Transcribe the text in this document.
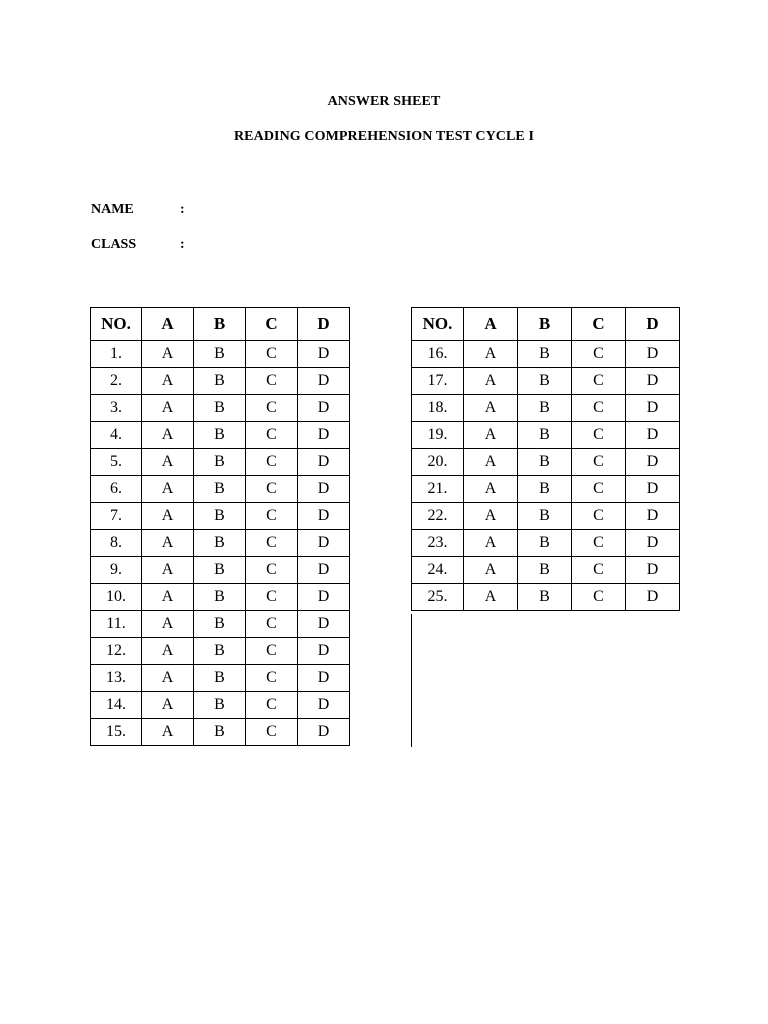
ANSWER SHEET
READING COMPREHENSION TEST CYCLE I
NAME	:
CLASS	:
NO.	A	B	C	D
1.	A	B	C	D
2.	A	B	C	D
3.	A	B	C	D
4.	A	B	C	D
5.	A	B	C	D
6.	A	B	C	D
7.	A	B	C	D
8.	A	B	C	D
9.	A	B	C	D
10.	A	B	C	D
11.	A	B	C	D
12.	A	B	C	D
13.	A	B	C	D
14.	A	B	C	D
15.	A	B	C	D
NO.	A	B	C	D
16.	A	B	C	D
17.	A	B	C	D
18.	A	B	C	D
19.	A	B	C	D
20.	A	B	C	D
21.	A	B	C	D
22.	A	B	C	D
23.	A	B	C	D
24.	A	B	C	D
25.	A	B	C	D
